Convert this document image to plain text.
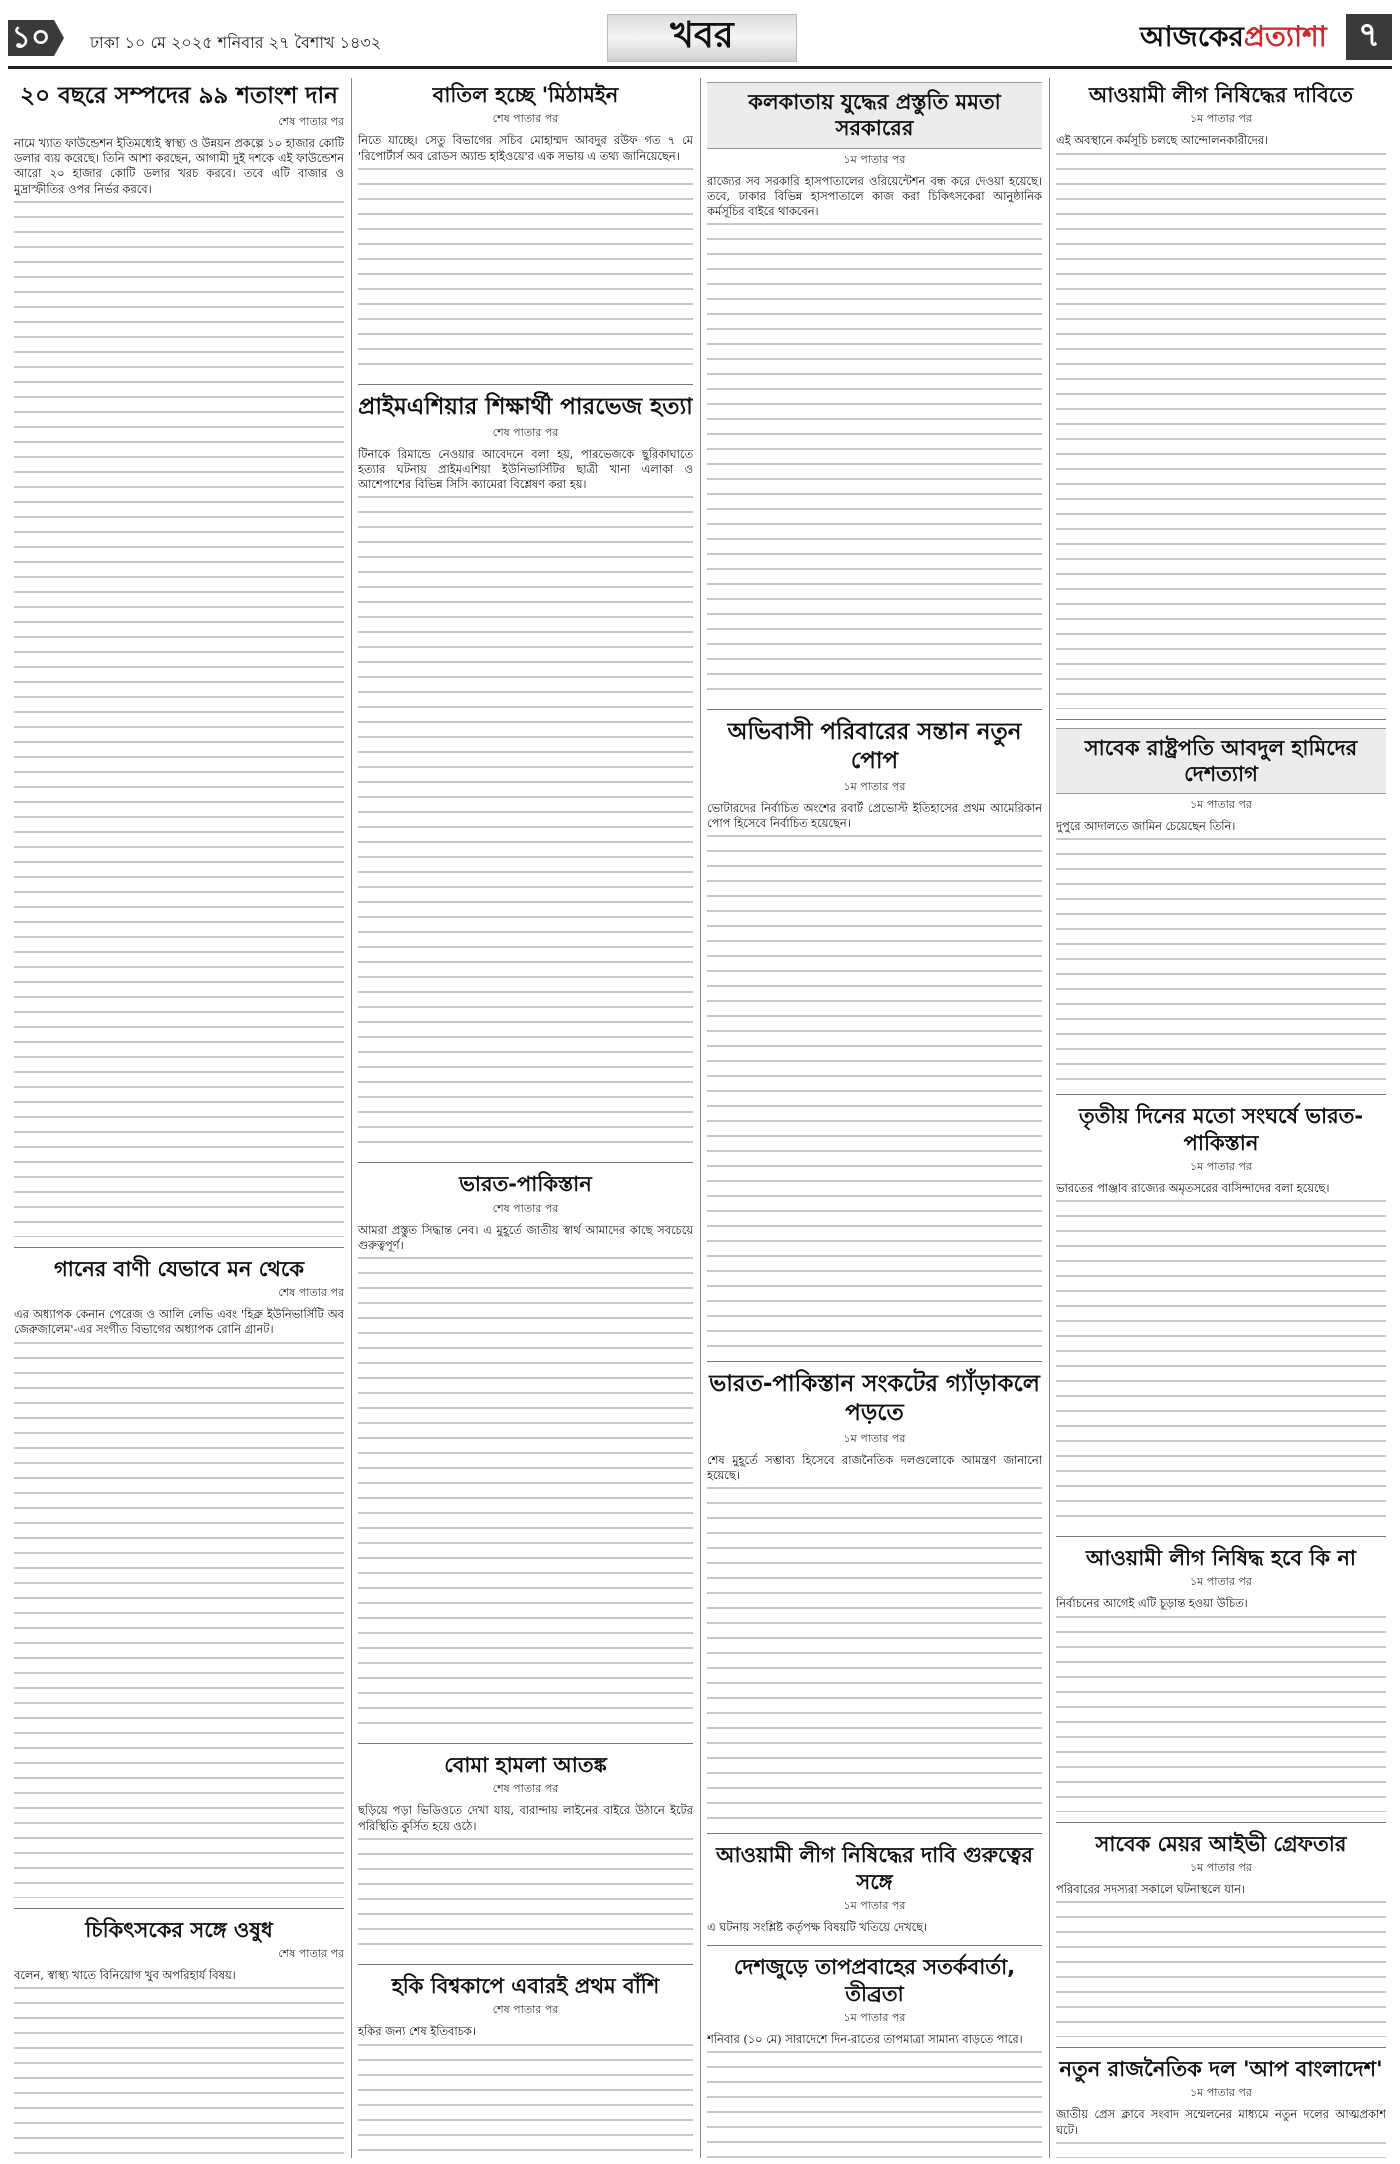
১০ ঢাকা ১০ মে ২০২৫ শনিবার ২৭ বৈশাখ ১৪৩২	খবর	আজকের প্রত্যাশা ৭
২০ বছরে সম্পদের ৯৯ শতাংশ দান
শেষ পাতার পর

নামে খ্যাত ফাউন্ডেশন ইতিমধ্যেই স্বাস্থ্য ও উন্নয়ন প্রকল্পে ১০ হাজার কোটি ডলার ব্যয় করেছে। তিনি আশা করছেন, আগামী দুই দশকে এই ফাউন্ডেশন আরো ২০ হাজার কোটি ডলার খরচ করবে। তবে এটি বাজার ও মুদ্রাস্ফীতির ওপর নির্ভর করবে।

গানের বাণী যেভাবে মন থেকে
শেষ পাতার পর

এর অধ্যাপক কেনান পেরেজ ও আলি লেভি এবং 'হিব্রু ইউনিভার্সিটি অব জেরুজালেম'-এর সংগীত বিভাগের অধ্যাপক রোনি গ্রানট।

চিকিৎসকের সঙ্গে ওষুধ
শেষ পাতার পর

বলেন, স্বাস্থ্য খাতে বিনিয়োগ খুব অপরিহার্য বিষয়।

বাতিল হচ্ছে 'মিঠামইন
শেষ পাতার পর

নিতে যাচ্ছে। সেতু বিভাগের সচিব মোহাম্মদ আবদুর রউফ গত ৭ মে 'রিপোর্টার্স অব রোডস অ্যান্ড হাইওয়ে'র এক সভায় এ তথ্য জানিয়েছেন।

প্রাইমএশিয়ার শিক্ষার্থী পারভেজ হত্যা
শেষ পাতার পর

টিনাকে রিমান্ডে নেওয়ার আবেদনে বলা হয়, পারভেজকে ছুরিকাঘাতে হত্যার ঘটনায় প্রাইমএশিয়া ইউনিভার্সিটির ছাত্রী খানা এলাকা ও আশেপাশের বিভিন্ন সিসি ক্যামেরা বিশ্লেষণ করা হয়।

ভারত-পাকিস্তান
শেষ পাতার পর

আমরা প্রস্তুত সিদ্ধান্ত নেব। এ মুহূর্তে জাতীয় স্বার্থ আমাদের কাছে সবচেয়ে গুরুত্বপূর্ণ।

বোমা হামলা আতঙ্ক
শেষ পাতার পর

ছড়িয়ে পড়া ভিডিওতে দেখা যায়, বারান্দায় লাইনের বাইরে উঠানে ইটের পরিস্থিতি কুর্সিত হয়ে ওঠে।

হকি বিশ্বকাপে এবারই প্রথম বাঁশি
শেষ পাতার পর

হকির জন্য শেষ ইতিবাচক।

কলকাতায় যুদ্ধের প্রস্তুতি মমতা সরকারের
১ম পাতার পর

রাজ্যের সব সরকারি হাসপাতালের ওরিয়েন্টেশন বন্ধ করে দেওয়া হয়েছে। তবে, ঢাকার বিভিন্ন হাসপাতালে কাজ করা চিকিৎসকেরা আনুষ্ঠানিক কর্মসূচির বাইরে থাকবেন।

অভিবাসী পরিবারের সন্তান নতুন পোপ
১ম পাতার পর

ভোটারদের নির্বাচিত অংশের রবার্ট প্রেভোস্ট ইতিহাসের প্রথম আমেরিকান পোপ হিসেবে নির্বাচিত হয়েছেন।

ভারত-পাকিস্তান সংকটের গ্যাঁড়াকলে পড়তে
১ম পাতার পর

শেষ মুহূর্তে সম্ভাব্য হিসেবে রাজনৈতিক দলগুলোকে আমন্ত্রণ জানানো হয়েছে।

আওয়ামী লীগ নিষিদ্ধের দাবি গুরুত্বের সঙ্গে
১ম পাতার পর

এ ঘটনায় সংশ্লিষ্ট কর্তৃপক্ষ বিষয়টি খতিয়ে দেখছে।

দেশজুড়ে তাপপ্রবাহের সতর্কবার্তা, তীব্রতা
১ম পাতার পর

শনিবার (১০ মে) সারাদেশে দিন-রাতের তাপমাত্রা সামান্য বাড়তে পারে।

আওয়ামী লীগ নিষিদ্ধের দাবিতে
১ম পাতার পর

এই অবস্থানে কর্মসূচি চলছে আন্দোলনকারীদের।

সাবেক রাষ্ট্রপতি আবদুল হামিদের দেশত্যাগ
১ম পাতার পর

দুপুরে আদালতে জামিন চেয়েছেন তিনি।

তৃতীয় দিনের মতো সংঘর্ষে ভারত-পাকিস্তান
১ম পাতার পর

ভারতের পাঞ্জাব রাজ্যের অমৃতসরের বাসিন্দাদের বলা হয়েছে।

আওয়ামী লীগ নিষিদ্ধ হবে কি না
১ম পাতার পর

নির্বাচনের আগেই এটি চূড়ান্ত হওয়া উচিত।

সাবেক মেয়র আইভী গ্রেফতার
১ম পাতার পর

পরিবারের সদস্যরা সকালে ঘটনাস্থলে যান।

নতুন রাজনৈতিক দল 'আপ বাংলাদেশ'
১ম পাতার পর

জাতীয় প্রেস ক্লাবে সংবাদ সম্মেলনের মাধ্যমে নতুন দলের আত্মপ্রকাশ ঘটে।
